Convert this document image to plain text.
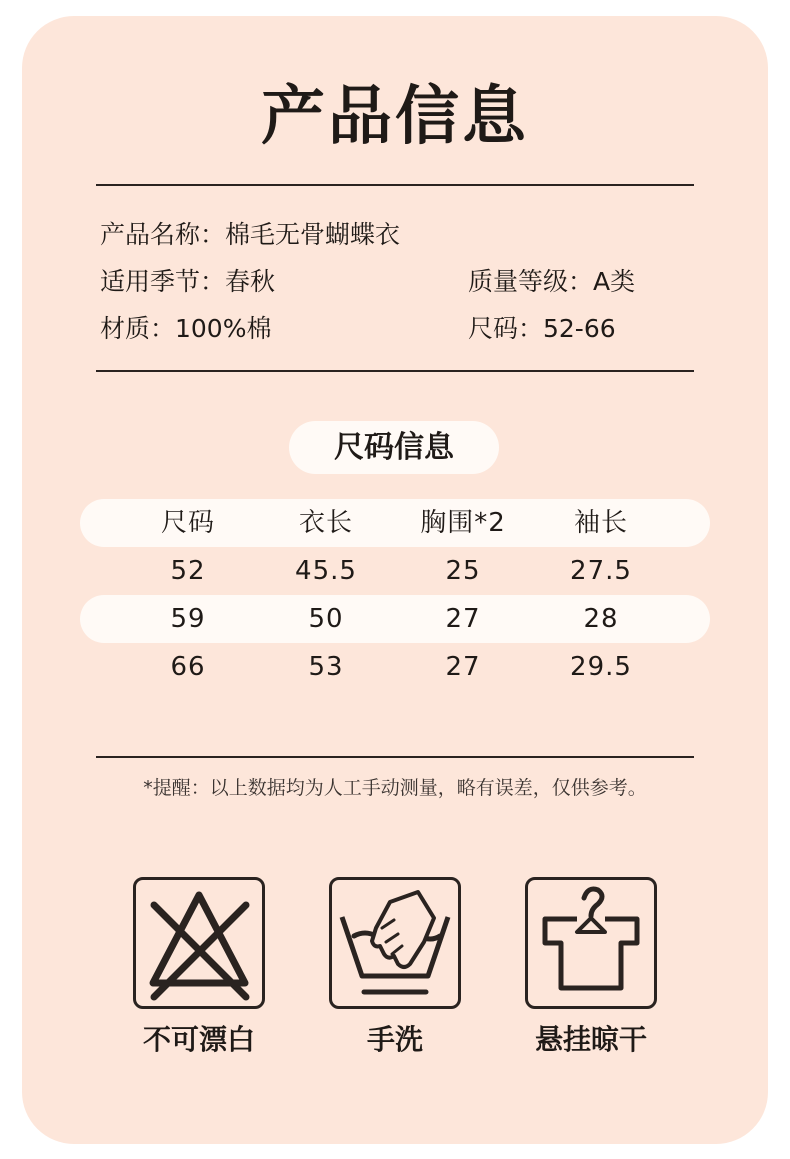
产品信息
产品名称：棉毛无骨蝴蝶衣
适用季节：春秋	质量等级：A类
材质：100%棉	尺码：52-66
尺码信息
尺码	衣长	胸围*2	袖长
52	45.5	25	27.5
59	50	27	28
66	53	27	29.5
*提醒：以上数据均为人工手动测量，略有误差，仅供参考。
不可漂白	手洗	悬挂晾干
